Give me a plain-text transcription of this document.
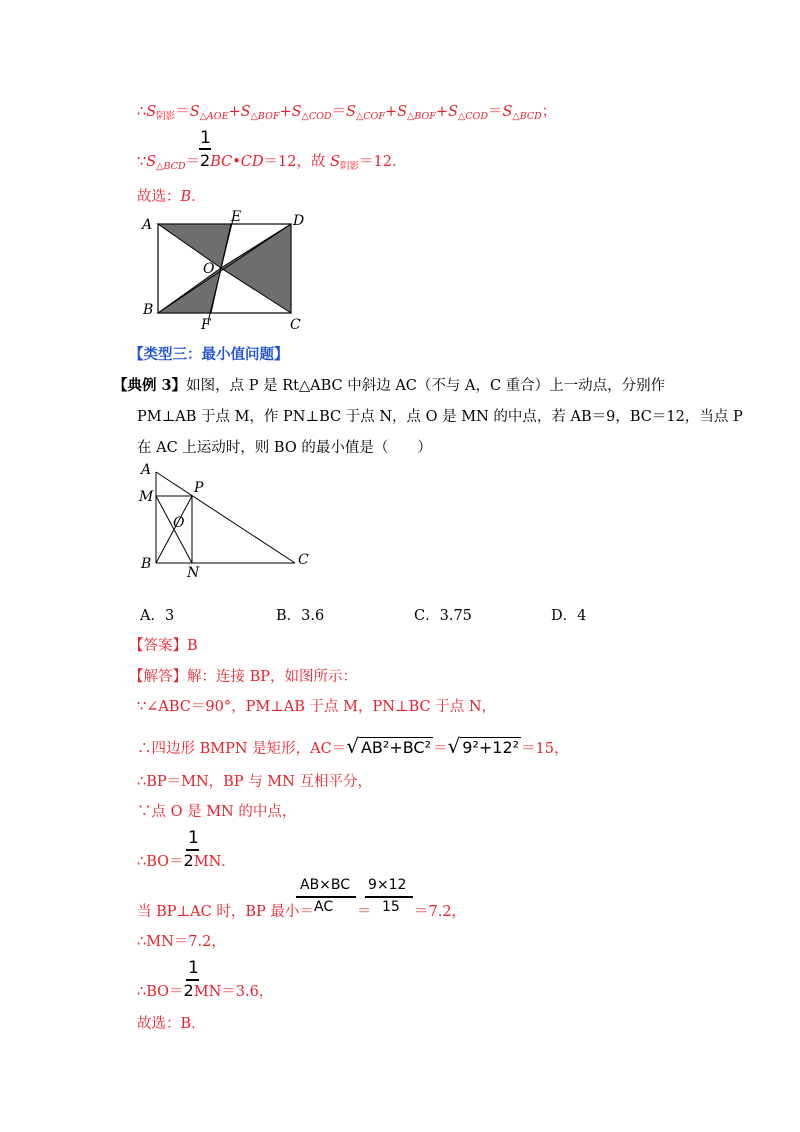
$\therefore S_{阴影}=S_{\triangle AOE}+S_{\triangle BOF}+S_{\triangle COD}=S_{\triangle COF}+S_{\triangle BOF}+S_{\triangle COD}=S_{\triangle BCD}$；
1
$\because S_{\triangle BCD}=2BC•CD=12$，故 $S_{阴影}=12$．
故选：B．
A	E	D
O
B
F	C
【类型三：最小值问题】
【典例 3】如图，点 P 是 Rt△ABC 中斜边 AC（不与 A，C 重合）上一动点，分别作
PM⊥AB 于点 M，作 PN⊥BC 于点 N，点 O 是 MN 的中点，若 AB＝9，BC＝12，当点 P
在 AC 上运动时，则 BO 的最小值是（　　）
A
M
P
O
B
N
C
A．3	B．3.6	C．3.75	D．4
【答案】B
【解答】解：连接 BP，如图所示：
∵∠ABC＝90°，PM⊥AB 于点 M，PN⊥BC 于点 N，
∴四边形 BMPN 是矩形，AC＝√ AB²+BC² ＝√ 9²+12² ＝15，
∴BP＝MN，BP 与 MN 互相平分，
∵点 O 是 MN 的中点，
1
∴BO＝2MN．
AB×BC
AC
9×12
15
当 BP⊥AC 时，BP 最小＝	＝	＝7.2，
∴MN＝7.2，
1
∴BO＝2MN＝3.6，
故选：B．
